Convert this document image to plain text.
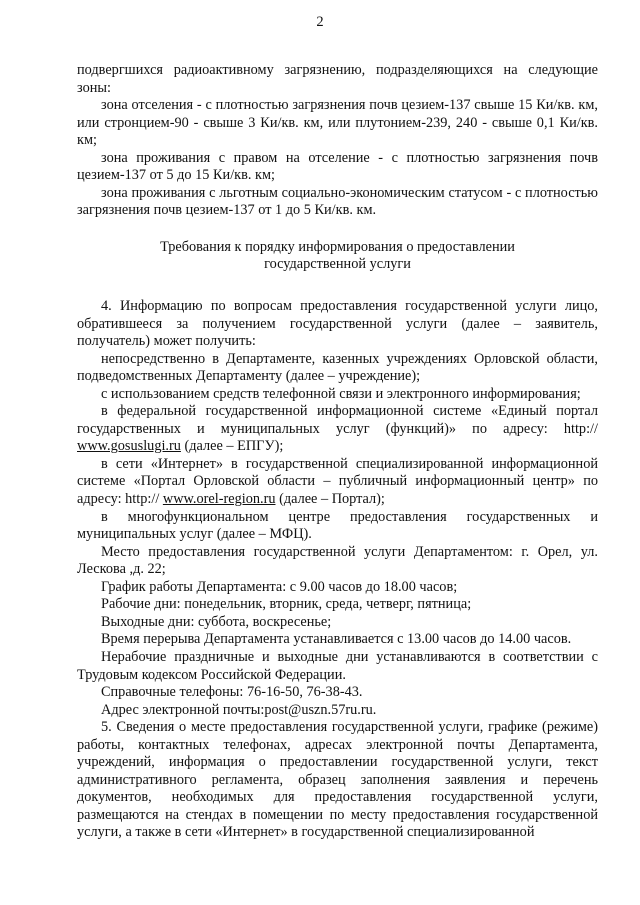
2

подвергшихся радиоактивному загрязнению, подразделяющихся на следующие зоны:

зона отселения - с плотностью загрязнения почв цезием-137 свыше 15 Ки/кв. км, или стронцием-90 - свыше 3 Ки/кв. км, или плутонием-239, 240 - свыше 0,1 Ки/кв. км;

зона проживания с правом на отселение - с плотностью загрязнения почв цезием-137 от 5 до 15 Ки/кв. км;

зона проживания с льготным социально-экономическим статусом - с плотностью загрязнения почв цезием-137 от 1 до 5 Ки/кв. км.

Требования к порядку информирования о предоставлении
государственной услуги

4. Информацию по вопросам предоставления государственной услуги лицо, обратившееся за получением государственной услуги (далее – заявитель, получатель) может получить:

непосредственно в Департаменте, казенных учреждениях Орловской области, подведомственных Департаменту (далее – учреждение);

с использованием средств телефонной связи и электронного информирования;

в федеральной государственной информационной системе «Единый портал государственных и муниципальных услуг (функций)» по адресу: http:// www.gosuslugi.ru (далее – ЕПГУ);

в сети «Интернет» в государственной специализированной информационной системе «Портал Орловской области – публичный информационный центр» по адресу: http:// www.orel-region.ru (далее – Портал);

в многофункциональном центре предоставления государственных и муниципальных услуг (далее – МФЦ).

Место предоставления государственной услуги Департаментом: г. Орел, ул. Лескова ,д. 22;

График работы Департамента: с 9.00 часов до 18.00 часов;

Рабочие дни: понедельник, вторник, среда, четверг, пятница;

Выходные дни: суббота, воскресенье;

Время перерыва Департамента устанавливается с 13.00 часов до 14.00 часов.

Нерабочие праздничные и выходные дни устанавливаются в соответствии с Трудовым кодексом Российской Федерации.

Справочные телефоны: 76-16-50, 76-38-43.

Адрес электронной почты:post@uszn.57ru.ru.

5. Сведения о месте предоставления государственной услуги, графике (режиме) работы, контактных телефонах, адресах электронной почты Департамента, учреждений, информация о предоставлении государственной услуги, текст административного регламента, образец заполнения заявления и перечень документов, необходимых для предоставления государственной услуги, размещаются на стендах в помещении по месту предоставления государственной услуги, а также в сети «Интернет» в государственной специализированной
